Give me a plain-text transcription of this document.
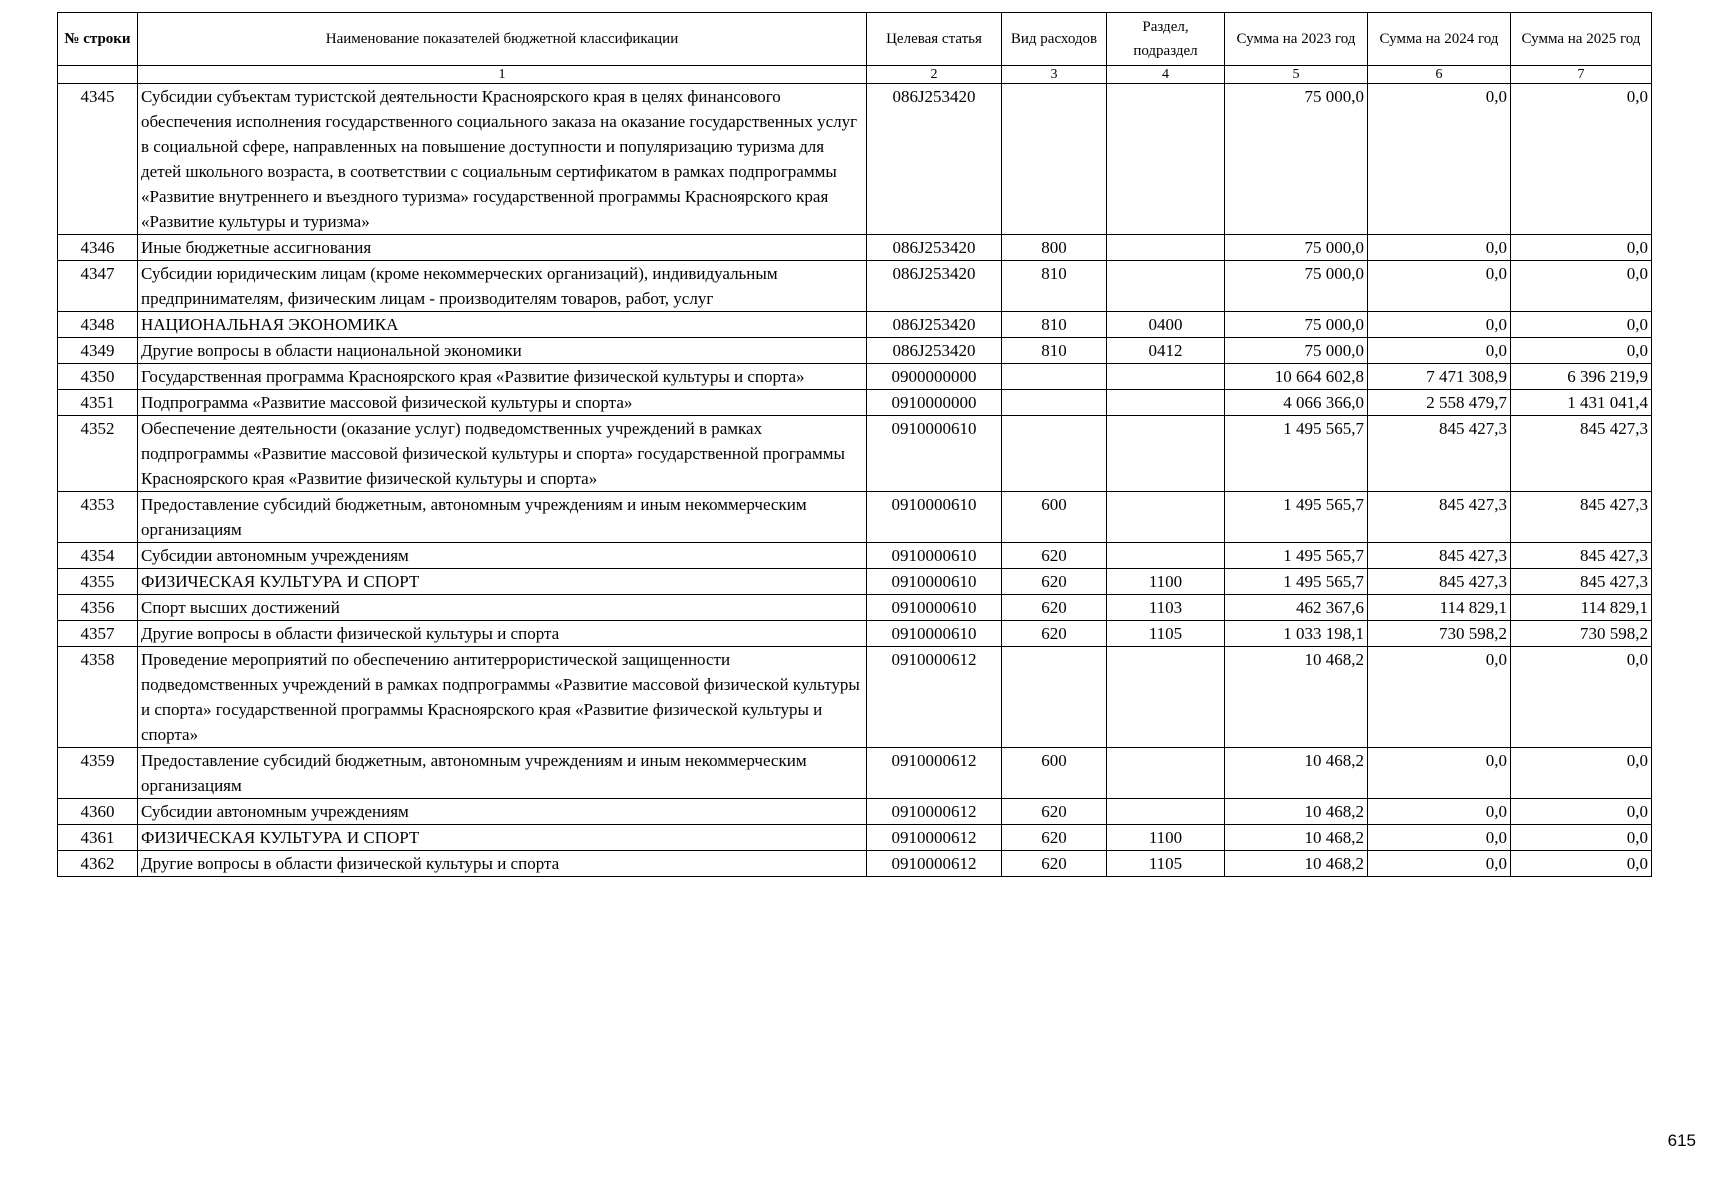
№ строки	Наименование показателей бюджетной классификации	Целевая статья	Вид расходов	Раздел, подраздел	Сумма на 2023 год	Сумма на 2024 год	Сумма на 2025 год
	1	2	3	4	5	6	7
4345	Субсидии субъектам туристской деятельности Красноярского края в целях финансового обеспечения исполнения государственного социального заказа на оказание государственных услуг в социальной сфере, направленных на повышение доступности и популяризацию туризма для детей школьного возраста, в соответствии с социальным сертификатом в рамках подпрограммы «Развитие внутреннего и въездного туризма» государственной программы Красноярского края «Развитие культуры и туризма»	086J253420			75 000,0	0,0	0,0
4346	Иные бюджетные ассигнования	086J253420	800		75 000,0	0,0	0,0
4347	Субсидии юридическим лицам (кроме некоммерческих организаций), индивидуальным предпринимателям, физическим лицам - производителям товаров, работ, услуг	086J253420	810		75 000,0	0,0	0,0
4348	НАЦИОНАЛЬНАЯ ЭКОНОМИКА	086J253420	810	0400	75 000,0	0,0	0,0
4349	Другие вопросы в области национальной экономики	086J253420	810	0412	75 000,0	0,0	0,0
4350	Государственная программа Красноярского края «Развитие физической культуры и спорта»	0900000000			10 664 602,8	7 471 308,9	6 396 219,9
4351	Подпрограмма «Развитие массовой физической культуры и спорта»	0910000000			4 066 366,0	2 558 479,7	1 431 041,4
4352	Обеспечение деятельности (оказание услуг) подведомственных учреждений в рамках подпрограммы «Развитие массовой физической культуры и спорта» государственной программы Красноярского края «Развитие физической культуры и спорта»	0910000610			1 495 565,7	845 427,3	845 427,3
4353	Предоставление субсидий бюджетным, автономным учреждениям и иным некоммерческим организациям	0910000610	600		1 495 565,7	845 427,3	845 427,3
4354	Субсидии автономным учреждениям	0910000610	620		1 495 565,7	845 427,3	845 427,3
4355	ФИЗИЧЕСКАЯ КУЛЬТУРА И СПОРТ	0910000610	620	1100	1 495 565,7	845 427,3	845 427,3
4356	Спорт высших достижений	0910000610	620	1103	462 367,6	114 829,1	114 829,1
4357	Другие вопросы в области физической культуры и спорта	0910000610	620	1105	1 033 198,1	730 598,2	730 598,2
4358	Проведение мероприятий по обеспечению антитеррористической защищенности подведомственных учреждений в рамках подпрограммы «Развитие массовой физической культуры и спорта» государственной программы Красноярского края «Развитие физической культуры и спорта»	0910000612			10 468,2	0,0	0,0
4359	Предоставление субсидий бюджетным, автономным учреждениям и иным некоммерческим организациям	0910000612	600		10 468,2	0,0	0,0
4360	Субсидии автономным учреждениям	0910000612	620		10 468,2	0,0	0,0
4361	ФИЗИЧЕСКАЯ КУЛЬТУРА И СПОРТ	0910000612	620	1100	10 468,2	0,0	0,0
4362	Другие вопросы в области физической культуры и спорта	0910000612	620	1105	10 468,2	0,0	0,0
615
